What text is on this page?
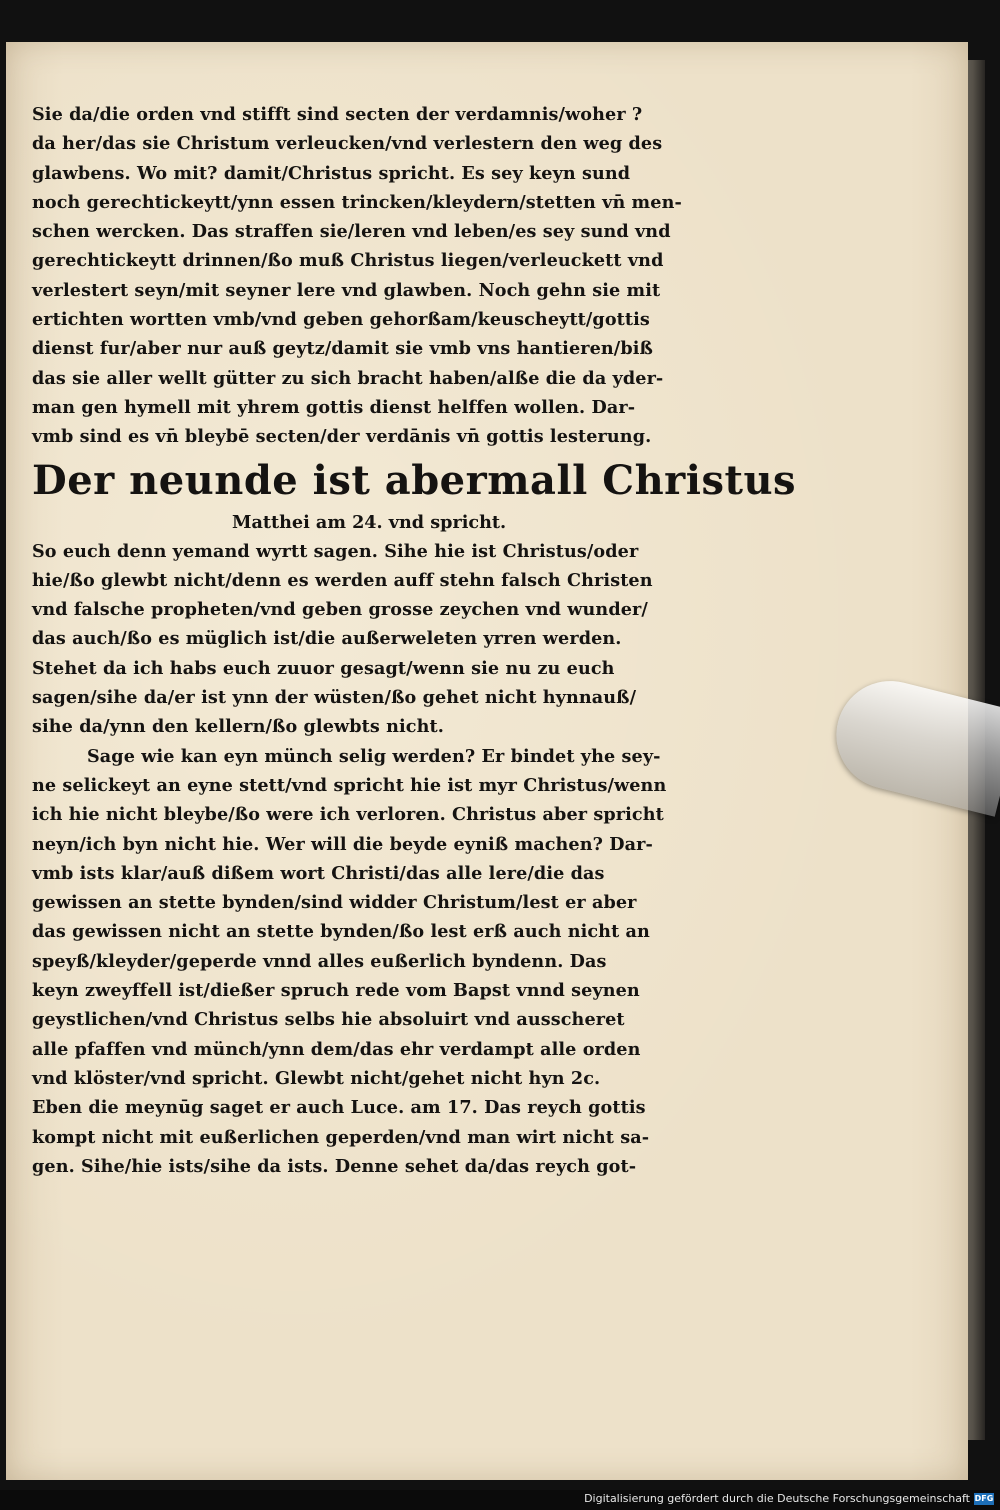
Sie da/die orden vnd stifft sind secten der verdamnis/woher ?
da her/das sie Christum verleucken/vnd verlestern den weg des
glawbens. Wo mit? damit/Christus spricht. Es sey keyn sund
noch gerechtickeytt/ynn essen trincken/kleydern/stetten vn̄ men-
schen wercken. Das straffen sie/leren vnd leben/es sey sund vnd
gerechtickeytt drinnen/ßo muß Christus liegen/verleuckett vnd
verlestert seyn/mit seyner lere vnd glawben. Noch gehn sie mit
ertichten wortten vmb/vnd geben gehorßam/keuscheytt/gottis
dienst fur/aber nur auß geytz/damit sie vmb vns hantieren/biß
das sie aller wellt gütter zu sich bracht haben/alße die da yder-
man gen hymell mit yhrem gottis dienst helffen wollen. Dar-
vmb sind es vn̄ bleybē secten/der verdānis vn̄ gottis lesterung.
Der neunde ist abermall Christus
Matthei am 24. vnd spricht.
So euch denn yemand wyrtt sagen. Sihe hie ist Christus/oder
hie/ßo glewbt nicht/denn es werden auff stehn falsch Christen
vnd falsche propheten/vnd geben grosse zeychen vnd wunder/
das auch/ßo es müglich ist/die außerweleten yrren werden.
Stehet da ich habs euch zuuor gesagt/wenn sie nu zu euch
sagen/sihe da/er ist ynn der wüsten/ßo gehet nicht hynnauß/
sihe da/ynn den kellern/ßo glewbts nicht.
Sage wie kan eyn münch selig werden? Er bindet yhe sey-
ne selickeyt an eyne stett/vnd spricht hie ist myr Christus/wenn
ich hie nicht bleybe/ßo were ich verloren. Christus aber spricht
neyn/ich byn nicht hie. Wer will die beyde eyniß machen? Dar-
vmb ists klar/auß dißem wort Christi/das alle lere/die das
gewissen an stette bynden/sind widder Christum/lest er aber
das gewissen nicht an stette bynden/ßo lest erß auch nicht an
speyß/kleyder/geperde vnnd alles eußerlich byndenn. Das
keyn zweyffell ist/dießer spruch rede vom Bapst vnnd seynen
geystlichen/vnd Christus selbs hie absoluirt vnd ausscheret
alle pfaffen vnd münch/ynn dem/das ehr verdampt alle orden
vnd klöster/vnd spricht. Glewbt nicht/gehet nicht hyn 2c.
Eben die meynūg saget er auch Luce. am 17. Das reych gottis
kompt nicht mit eußerlichen geperden/vnd man wirt nicht sa-
gen. Sihe/hie ists/sihe da ists. Denne sehet da/das reych got-
Digitalisierung gefördert durch die Deutsche Forschungsgemeinschaft DFG
